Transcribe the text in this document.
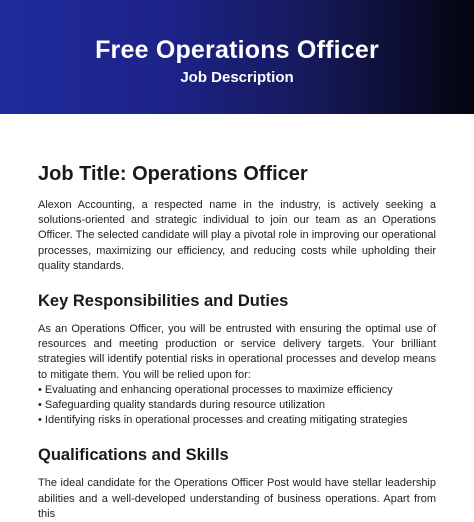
Free Operations Officer
Job Description
Job Title: Operations Officer

Alexon Accounting, a respected name in the industry, is actively seeking a solutions-oriented and strategic individual to join our team as an Operations Officer. The selected candidate will play a pivotal role in improving our operational processes, maximizing our efficiency, and reducing costs while upholding their quality standards.

Key Responsibilities and Duties

As an Operations Officer, you will be entrusted with ensuring the optimal use of resources and meeting production or service delivery targets. Your brilliant strategies will identify potential risks in operational processes and develop means to mitigate them. You will be relied upon for:

• Evaluating and enhancing operational processes to maximize efficiency
• Safeguarding quality standards during resource utilization
• Identifying risks in operational processes and creating mitigating strategies
Qualifications and Skills

The ideal candidate for the Operations Officer Post would have stellar leadership abilities and a well-developed understanding of business operations. Apart from this
